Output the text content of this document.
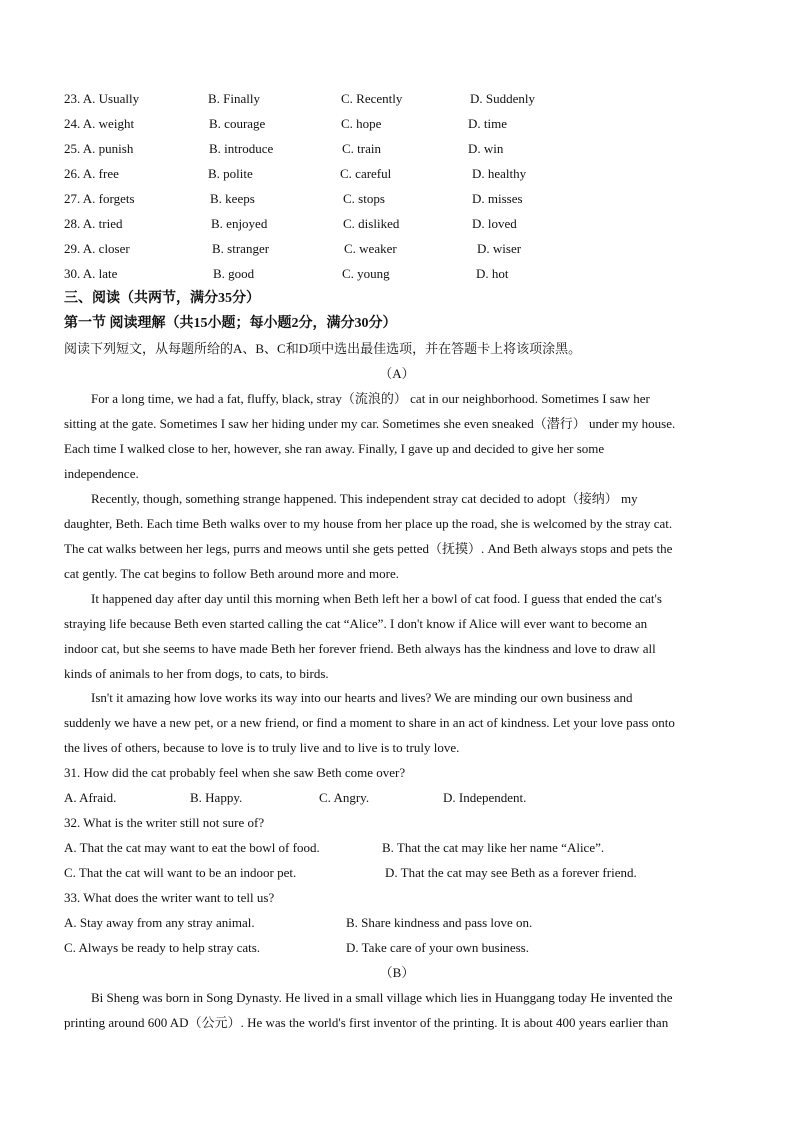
23. A. Usually	B. Finally	C. Recently	D. Suddenly
24. A. weight	B. courage	C. hope	D. time
25. A. punish	B. introduce	C. train	D. win
26. A. free	B. polite	C. careful	D. healthy
27. A. forgets	B. keeps	C. stops	D. misses
28. A. tried	B. enjoyed	C. disliked	D. loved
29. A. closer	B. stranger	C. weaker	D. wiser
30. A. late	B. good	C. young	D. hot
三、阅读（共两节，满分35分）
第一节 阅读理解（共15小题；每小题2分，满分30分）
阅读下列短文，从每题所给的A、B、C和D项中选出最佳选项，并在答题卡上将该项涂黑。
（A）
For a long time, we had a fat, fluffy, black, stray（流浪的） cat in our neighborhood. Sometimes I saw her
sitting at the gate. Sometimes I saw her hiding under my car. Sometimes she even sneaked（潜行） under my house.
Each time I walked close to her, however, she ran away. Finally, I gave up and decided to give her some
independence.
Recently, though, something strange happened. This independent stray cat decided to adopt（接纳） my
daughter, Beth. Each time Beth walks over to my house from her place up the road, she is welcomed by the stray cat.
The cat walks between her legs, purrs and meows until she gets petted（抚摸）. And Beth always stops and pets the
cat gently. The cat begins to follow Beth around more and more.
It happened day after day until this morning when Beth left her a bowl of cat food. I guess that ended the cat's
straying life because Beth even started calling the cat “Alice”. I don't know if Alice will ever want to become an
indoor cat, but she seems to have made Beth her forever friend. Beth always has the kindness and love to draw all
kinds of animals to her from dogs, to cats, to birds.
Isn't it amazing how love works its way into our hearts and lives? We are minding our own business and
suddenly we have a new pet, or a new friend, or find a moment to share in an act of kindness. Let your love pass onto
the lives of others, because to love is to truly live and to live is to truly love.
31. How did the cat probably feel when she saw Beth come over?
A. Afraid.	B. Happy.	C. Angry.	D. Independent.
32. What is the writer still not sure of?
A. That the cat may want to eat the bowl of food.	B. That the cat may like her name “Alice”.
C. That the cat will want to be an indoor pet.	D. That the cat may see Beth as a forever friend.
33. What does the writer want to tell us?
A. Stay away from any stray animal.	B. Share kindness and pass love on.
C. Always be ready to help stray cats.	D. Take care of your own business.
（B）
Bi Sheng was born in Song Dynasty. He lived in a small village which lies in Huanggang today He invented the
printing around 600 AD（公元）. He was the world's first inventor of the printing. It is about 400 years earlier than
